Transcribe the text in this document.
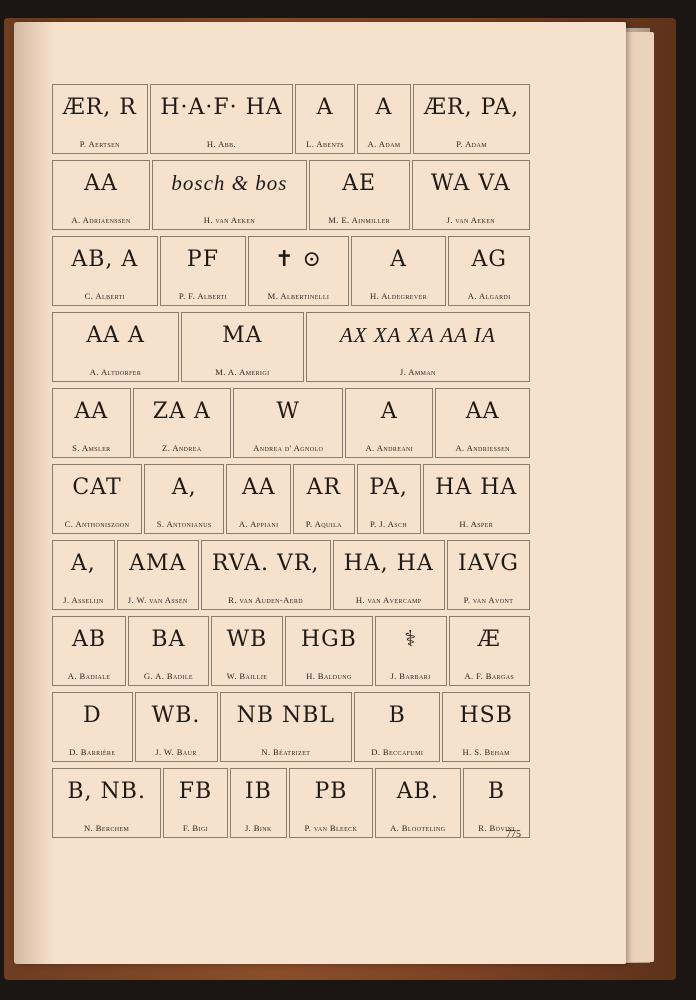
ÆR, R
P. Aertsen
H·A·F· HA
H. Abb.
A
L. Abents
A
A. Adam
ÆR, PA,
P. Adam
AA
A. Adriaenssen
bosch & bos
H. van Aeken
AE
M. E. Ainmiller
WA VA
J. van Aeken
AB, A
C. Alberti
PF
P. F. Alberti
✝ ⊙
M. Albertinelli
A
H. Aldegrever
AG
A. Algardi
AA A
A. Altdorfer
MA
M. A. Amerigi
AX XA XA AA IA
J. Amman
AA
S. Amsler
ZA A
Z. Andrea
W
Andrea d' Agnolo
A
A. Andreani
AA
A. Andriessen
CAT
C. Anthoniszoon
A,
S. Antonianus
AA
A. Appiani
AR
P. Aquila
PA,
P. J. Asch
HA HA
H. Asper
A,
J. Asselijn
AMA
J. W. van Assen
RVA. VR,
R. van Auden-Aerd
HA, HA
H. van Avercamp
IAVG
P. van Avont
AB
A. Badiale
BA
G. A. Badile
WB
W. Baillie
HGB
H. Baldung
⚕
J. Barbarj
Æ
A. F. Bargas
D
D. Barrière
WB.
J. W. Baur
NB NBL
N. Béatrizet
B
D. Beccafumi
HSB
H. S. Beham
B, NB.
N. Berchem
FB
F. Bigi
IB
J. Bink
PB
P. van Bleeck
AB.
A. Blooteling
B
R. Bovini
775
